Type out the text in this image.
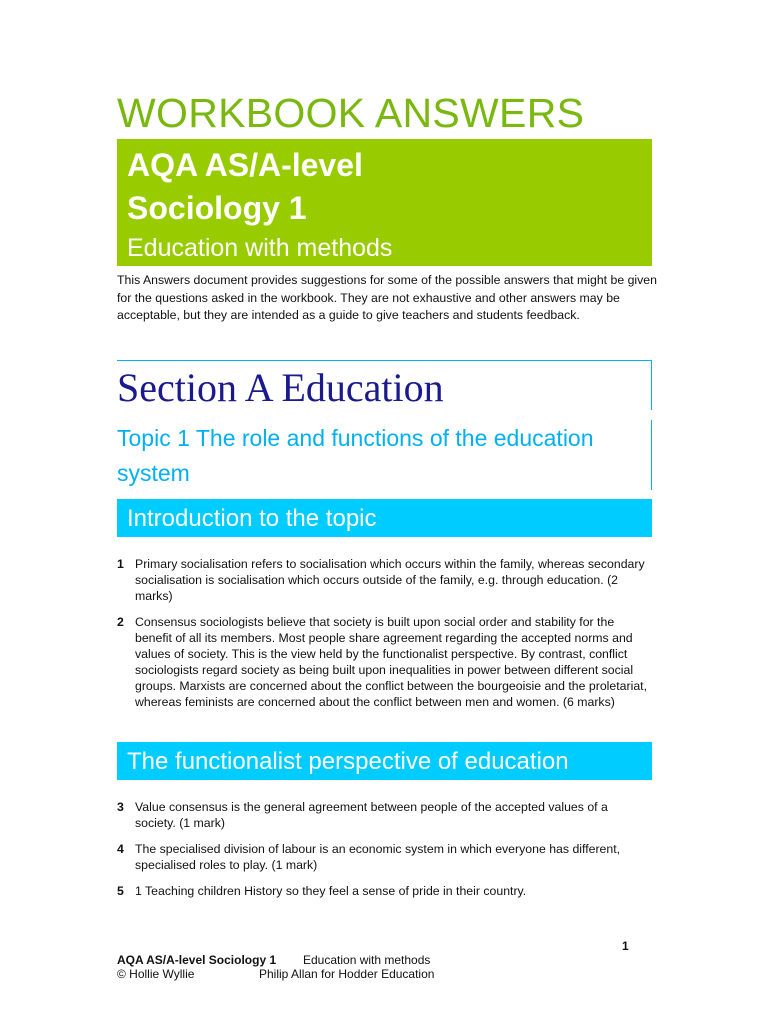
WORKBOOK ANSWERS
AQA AS/A-level
Sociology 1
Education with methods
This Answers document provides suggestions for some of the possible answers that might be given for the questions asked in the workbook. They are not exhaustive and other answers may be acceptable, but they are intended as a guide to give teachers and students feedback.
Section A Education
Topic 1 The role and functions of the education system
Introduction to the topic
1 Primary socialisation refers to socialisation which occurs within the family, whereas secondary socialisation is socialisation which occurs outside of the family, e.g. through education. (2 marks)
2 Consensus sociologists believe that society is built upon social order and stability for the benefit of all its members. Most people share agreement regarding the accepted norms and values of society. This is the view held by the functionalist perspective. By contrast, conflict sociologists regard society as being built upon inequalities in power between different social groups. Marxists are concerned about the conflict between the bourgeoisie and the proletariat, whereas feminists are concerned about the conflict between men and women. (6 marks)
The functionalist perspective of education
3 Value consensus is the general agreement between people of the accepted values of a society. (1 mark)
4 The specialised division of labour is an economic system in which everyone has different, specialised roles to play. (1 mark)
5 1 Teaching children History so they feel a sense of pride in their country.
1
AQA AS/A-level Sociology 1 Education with methods
© Hollie Wyllie	Philip Allan for Hodder Education
